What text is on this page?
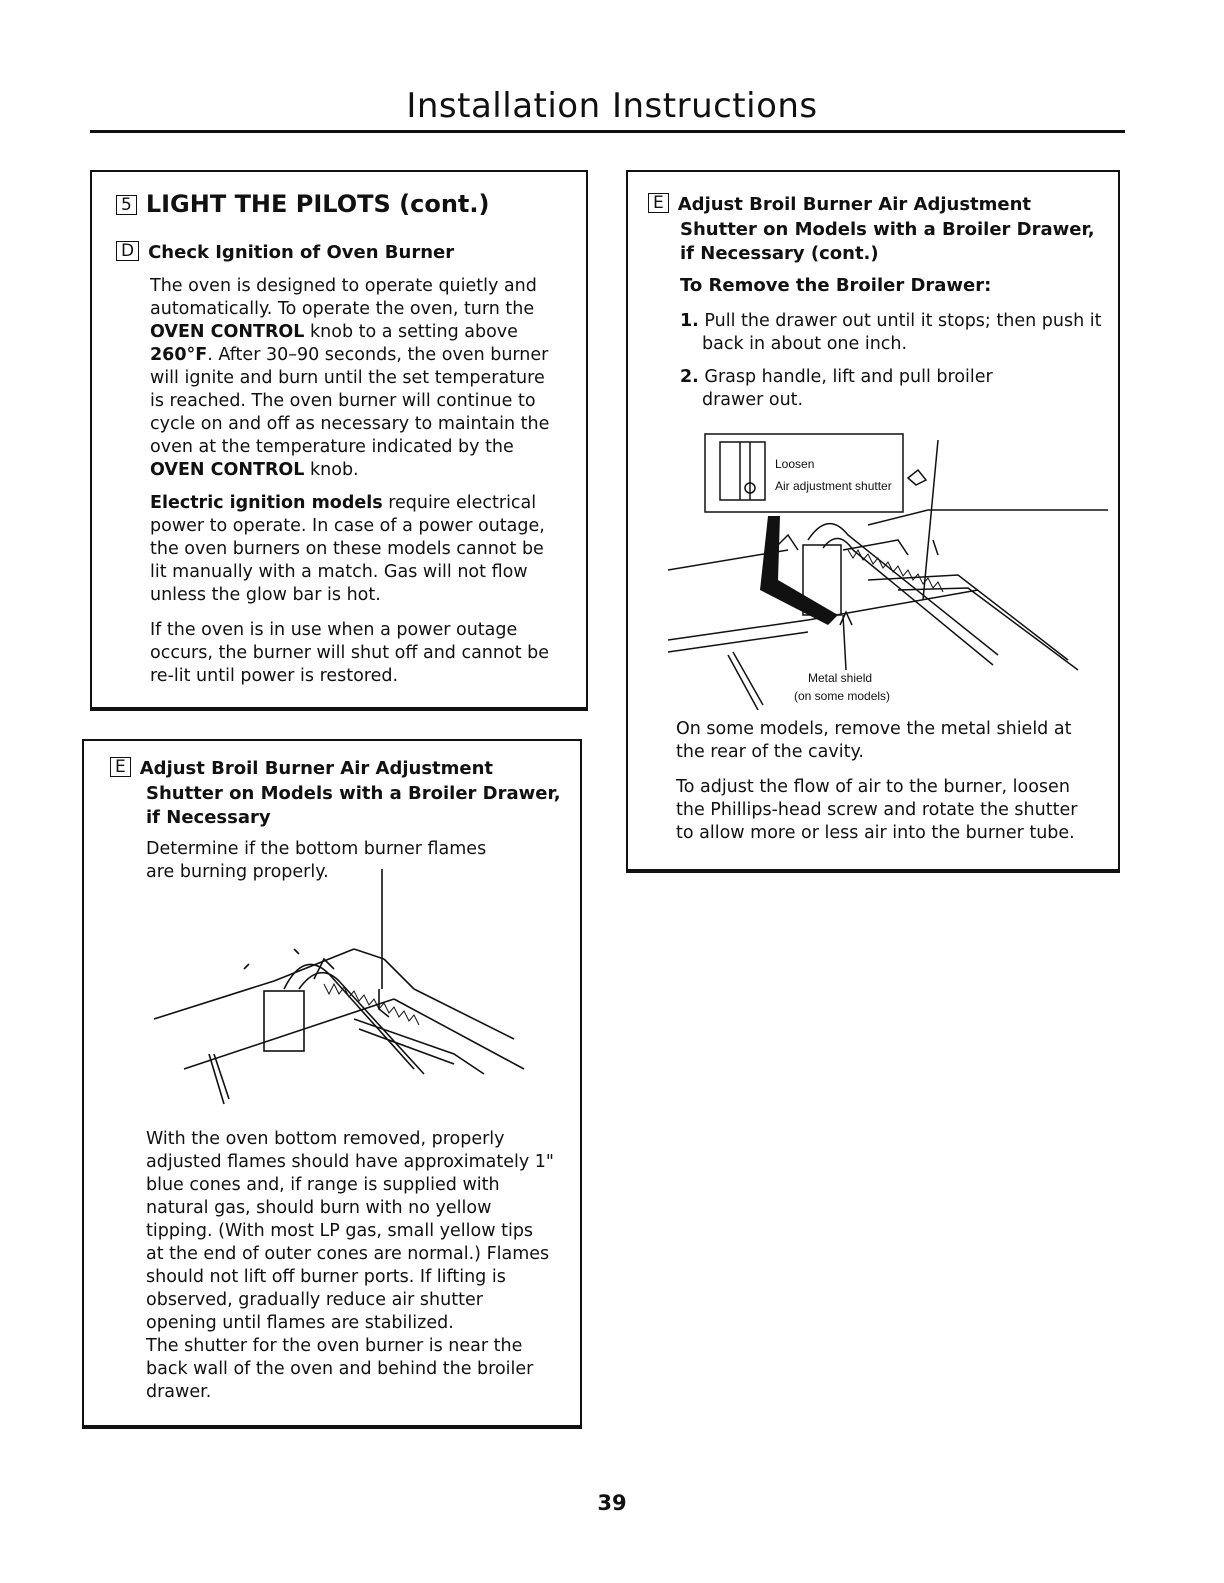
Installation Instructions
5 LIGHT THE PILOTS (cont.)
D Check Ignition of Oven Burner

The oven is designed to operate quietly and automatically. To operate the oven, turn the OVEN CONTROL knob to a setting above 260°F. After 30–90 seconds, the oven burner will ignite and burn until the set temperature is reached. The oven burner will continue to cycle on and off as necessary to maintain the oven at the temperature indicated by the OVEN CONTROL knob.

Electric ignition models require electrical power to operate. In case of a power outage, the oven burners on these models cannot be lit manually with a match. Gas will not flow unless the glow bar is hot.

If the oven is in use when a power outage occurs, the burner will shut off and cannot be re-lit until power is restored.

E Adjust Broil Burner Air Adjustment
Shutter on Models with a Broiler Drawer,
if Necessary

Determine if the bottom burner flames are burning properly.

With the oven bottom removed, properly adjusted flames should have approximately 1" blue cones and, if range is supplied with natural gas, should burn with no yellow tipping. (With most LP gas, small yellow tips at the end of outer cones are normal.) Flames should not lift off burner ports. If lifting is observed, gradually reduce air shutter opening until flames are stabilized.

The shutter for the oven burner is near the back wall of the oven and behind the broiler drawer.

E Adjust Broil Burner Air Adjustment
Shutter on Models with a Broiler Drawer,
if Necessary (cont.)
To Remove the Broiler Drawer:

1. Pull the drawer out until it stops; then push it back in about one inch.

2. Grasp handle, lift and pull broiler drawer out.

Loosen
Air adjustment shutter
Metal shield
(on some models)

On some models, remove the metal shield at the rear of the cavity.

To adjust the flow of air to the burner, loosen the Phillips-head screw and rotate the shutter to allow more or less air into the burner tube.

39
